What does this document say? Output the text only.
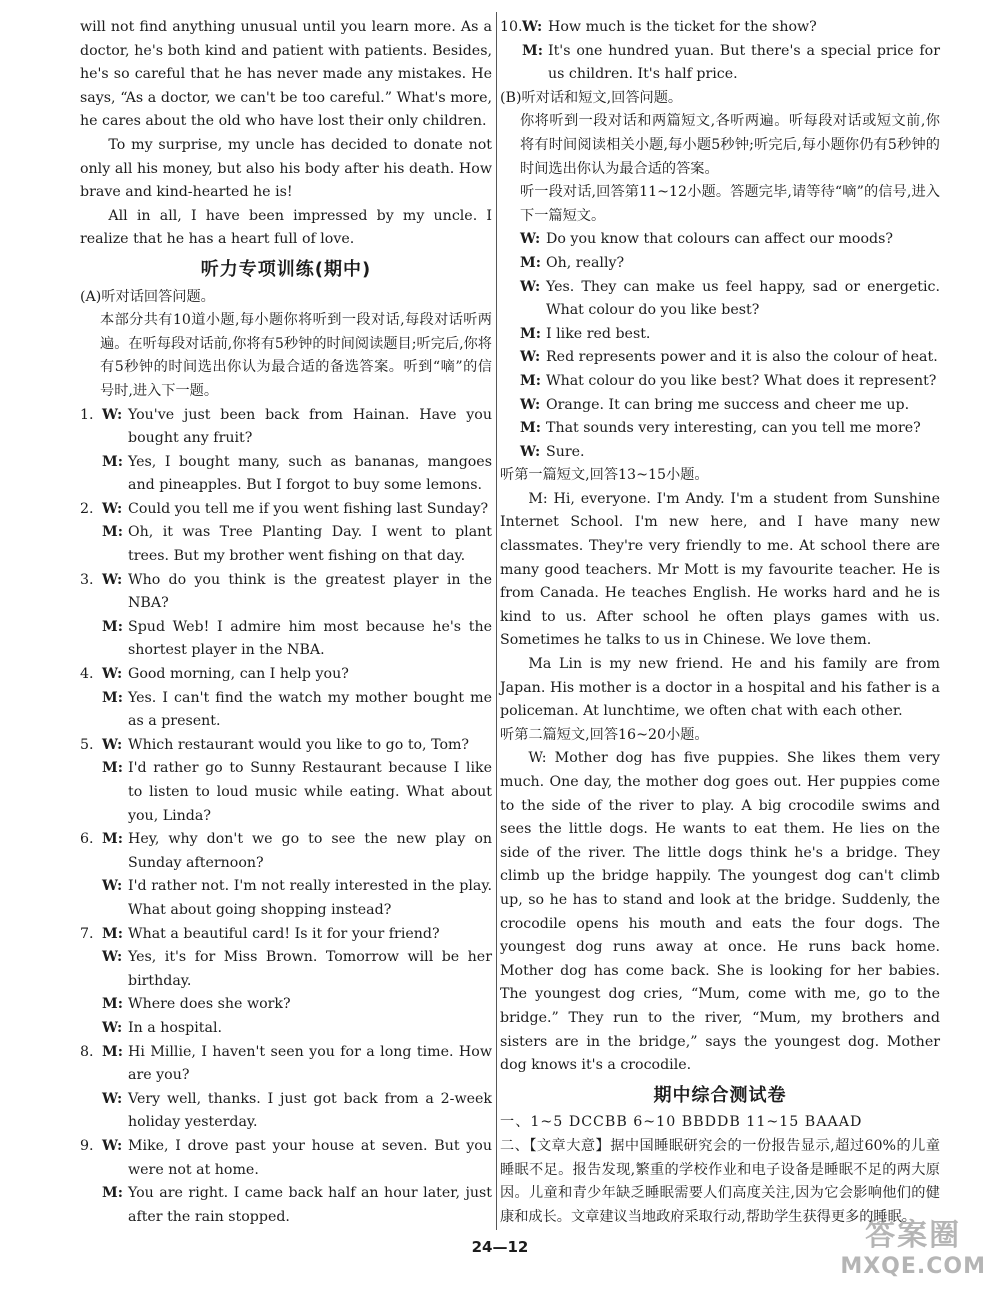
will not find anything unusual until you learn more. As a doctor, he's both kind and patient with patients. Besides, he's so careful that he has never made any mistakes. He says, “As a doctor, we can't be too careful.” What's more, he cares about the old who have lost their only children.

To my surprise, my uncle has decided to donate not only all his money, but also his body after his death. How brave and kind-hearted he is!

All in all, I have been impressed by my uncle. I realize that he has a heart full of love.

听力专项训练(期中)

(A)听对话回答问题。

本部分共有10道小题,每小题你将听到一段对话,每段对话听两遍。在听每段对话前,你将有5秒钟的时间阅读题目;听完后,你将有5秒钟的时间选出你认为最合适的备选答案。听到“嘀”的信号时,进入下一题。

1. W: You've just been back from Hainan. Have you bought any fruit?
M: Yes, I bought many, such as bananas, mangoes and pineapples. But I forgot to buy some lemons.
2. W: Could you tell me if you went fishing last Sunday?
M: Oh, it was Tree Planting Day. I went to plant trees. But my brother went fishing on that day.
3. W: Who do you think is the greatest player in the NBA?
M: Spud Web! I admire him most because he's the shortest player in the NBA.
4. W: Good morning, can I help you?
M: Yes. I can't find the watch my mother bought me as a present.
5. W: Which restaurant would you like to go to, Tom?
M: I'd rather go to Sunny Restaurant because I like to listen to loud music while eating. What about you, Linda?
6. M: Hey, why don't we go to see the new play on Sunday afternoon?
W: I'd rather not. I'm not really interested in the play. What about going shopping instead?
7. M: What a beautiful card! Is it for your friend?
W: Yes, it's for Miss Brown. Tomorrow will be her birthday.
M: Where does she work?
W: In a hospital.
8. M: Hi Millie, I haven't seen you for a long time. How are you?
W: Very well, thanks. I just got back from a 2-week holiday yesterday.
9. W: Mike, I drove past your house at seven. But you were not at home.
M: You are right. I came back half an hour later, just after the rain stopped.
10. W: How much is the ticket for the show?
M: It's one hundred yuan. But there's a special price for us children. It's half price.

(B)听对话和短文,回答问题。

你将听到一段对话和两篇短文,各听两遍。听每段对话或短文前,你将有时间阅读相关小题,每小题5秒钟;听完后,每小题你仍有5秒钟的时间选出你认为最合适的答案。

听一段对话,回答第11~12小题。答题完毕,请等待“嘀”的信号,进入下一篇短文。

W: Do you know that colours can affect our moods?
M: Oh, really?
W: Yes. They can make us feel happy, sad or energetic. What colour do you like best?
M: I like red best.
W: Red represents power and it is also the colour of heat.
M: What colour do you like best? What does it represent?
W: Orange. It can bring me success and cheer me up.
M: That sounds very interesting, can you tell me more?
W: Sure.

听第一篇短文,回答13~15小题。

M: Hi, everyone. I'm Andy. I'm a student from Sunshine Internet School. I'm new here, and I have many new classmates. They're very friendly to me. At school there are many good teachers. Mr Mott is my favourite teacher. He is from Canada. He teaches English. He works hard and he is kind to us. After school he often plays games with us. Sometimes he talks to us in Chinese. We love them.

Ma Lin is my new friend. He and his family are from Japan. His mother is a doctor in a hospital and his father is a policeman. At lunchtime, we often chat with each other.

听第二篇短文,回答16~20小题。

W: Mother dog has five puppies. She likes them very much. One day, the mother dog goes out. Her puppies come to the side of the river to play. A big crocodile swims and sees the little dogs. He wants to eat them. He lies on the side of the river. The little dogs think he's a bridge. They climb up the bridge happily. The youngest dog can't climb up, so he has to stand and look at the bridge. Suddenly, the crocodile opens his mouth and eats the four dogs. The youngest dog runs away at once. He runs back home. Mother dog has come back. She is looking for her babies. The youngest dog cries, “Mum, come with me, go to the bridge.” They run to the river, “Mum, my brothers and sisters are in the bridge,” says the youngest dog. Mother dog knows it's a crocodile.

期中综合测试卷

一、1~5 DCCBB 6~10 BBDDB 11~15 BAAAD

二、【文章大意】据中国睡眠研究会的一份报告显示,超过60%的儿童睡眠不足。报告发现,繁重的学校作业和电子设备是睡眠不足的两大原因。儿童和青少年缺乏睡眠需要人们高度关注,因为它会影响他们的健康和成长。文章建议当地政府采取行动,帮助学生获得更多的睡眠。

24—12	答案圈
MXQE.COM
